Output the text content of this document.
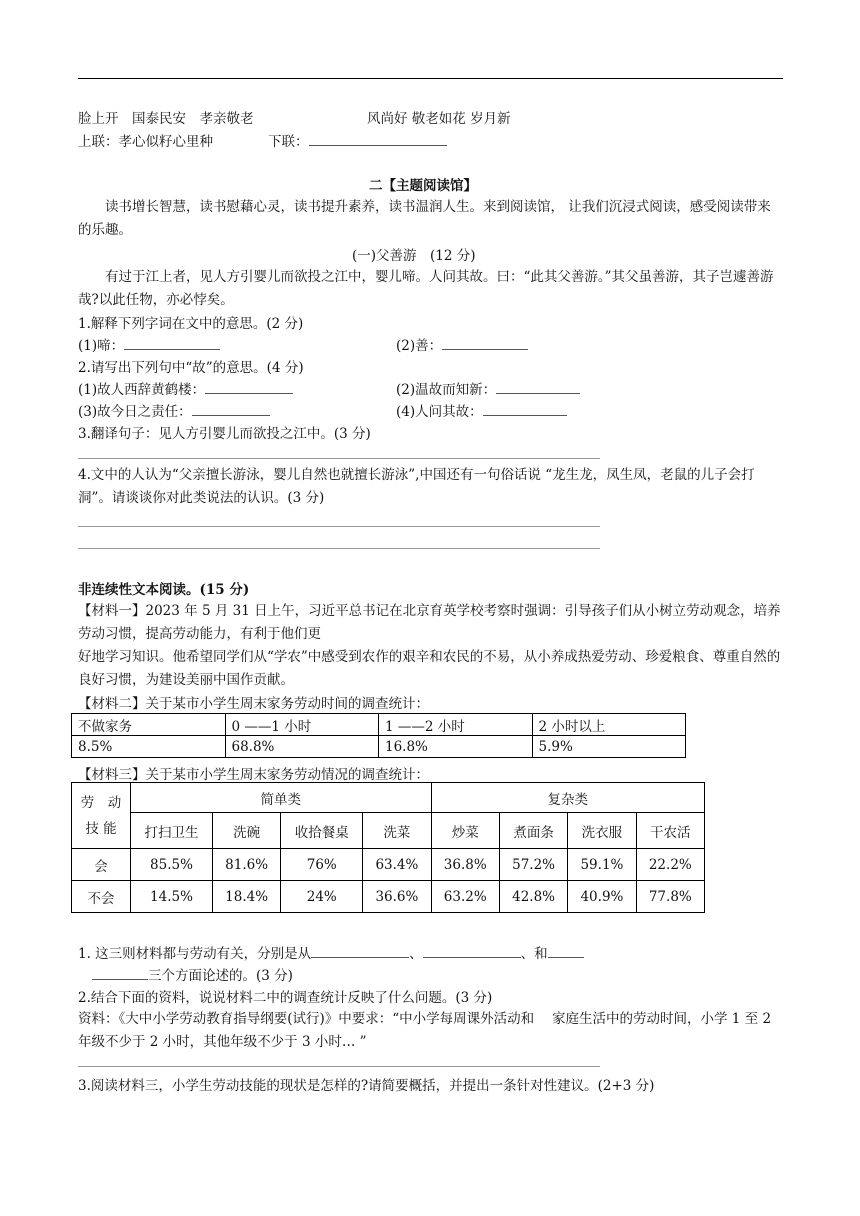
脸上开　国泰民安　孝亲敬老	风尚好 敬老如花 岁月新
上联：孝心似籽心里种	下联：
二【主题阅读馆】
读书增长智慧，读书慰藉心灵，读书提升素养，读书温润人生。来到阅读馆， 让我们沉浸式阅读，感受阅读带来的乐趣。
(一)父善游　(12 分)
有过于江上者，见人方引婴儿而欲投之江中，婴儿啼。人问其故。曰：“此其父善游。”其父虽善游，其子岂遽善游哉?以此任物，亦必悖矣。
1.解释下列字词在文中的意思。(2 分)
(1)啼：	(2)善：
2.请写出下列句中“故”的意思。(4 分)
(1)故人西辞黄鹤楼：	(2)温故而知新：
(3)故今日之责任：	(4)人问其故：
3.翻译句子：见人方引婴儿而欲投之江中。(3 分)
4.文中的人认为“父亲擅长游泳，婴儿自然也就擅长游泳”,中国还有一句俗话说 “龙生龙，凤生凤，老鼠的儿子会打洞”。请谈谈你对此类说法的认识。(3 分)
非连续性文本阅读。(15 分)
【材料一】2023 年 5 月 31 日上午，习近平总书记在北京育英学校考察时强调：引导孩子们从小树立劳动观念，培养劳动习惯，提高劳动能力，有利于他们更
好地学习知识。他希望同学们从“学农”中感受到农作的艰辛和农民的不易，从小养成热爱劳动、珍爱粮食、尊重自然的良好习惯，为建设美丽中国作贡献。
【材料二】关于某市小学生周末家务劳动时间的调查统计：
不做家务	0 ——1 小时	1 ——2 小时	2 小时以上
8.5%	68.8%	16.8%	5.9%
【材料三】关于某市小学生周末家务劳动情况的调查统计：
劳　动
技 能	简单类				复杂类			
	打扫卫生	洗碗	收拾餐桌	洗菜	炒菜	煮面条	洗衣服	干农活
会	85.5%	81.6%	76%	63.4%	36.8%	57.2%	59.1%	22.2%
不会	14.5%	18.4%	24%	36.6%	63.2%	42.8%	40.9%	77.8%
1. 这三则材料都与劳动有关，分别是从	、	、和
三个方面论述的。(3 分)
2.结合下面的资料，说说材料二中的调查统计反映了什么问题。(3 分)
资料：《大中小学劳动教育指导纲要(试行)》中要求：“中小学每周课外活动和　 家庭生活中的劳动时间，小学 1 至 2 年级不少于 2 小时，其他年级不少于 3 小时… ”
3.阅读材料三，小学生劳动技能的现状是怎样的?请简要概括，并提出一条针对性建议。(2+3 分)
